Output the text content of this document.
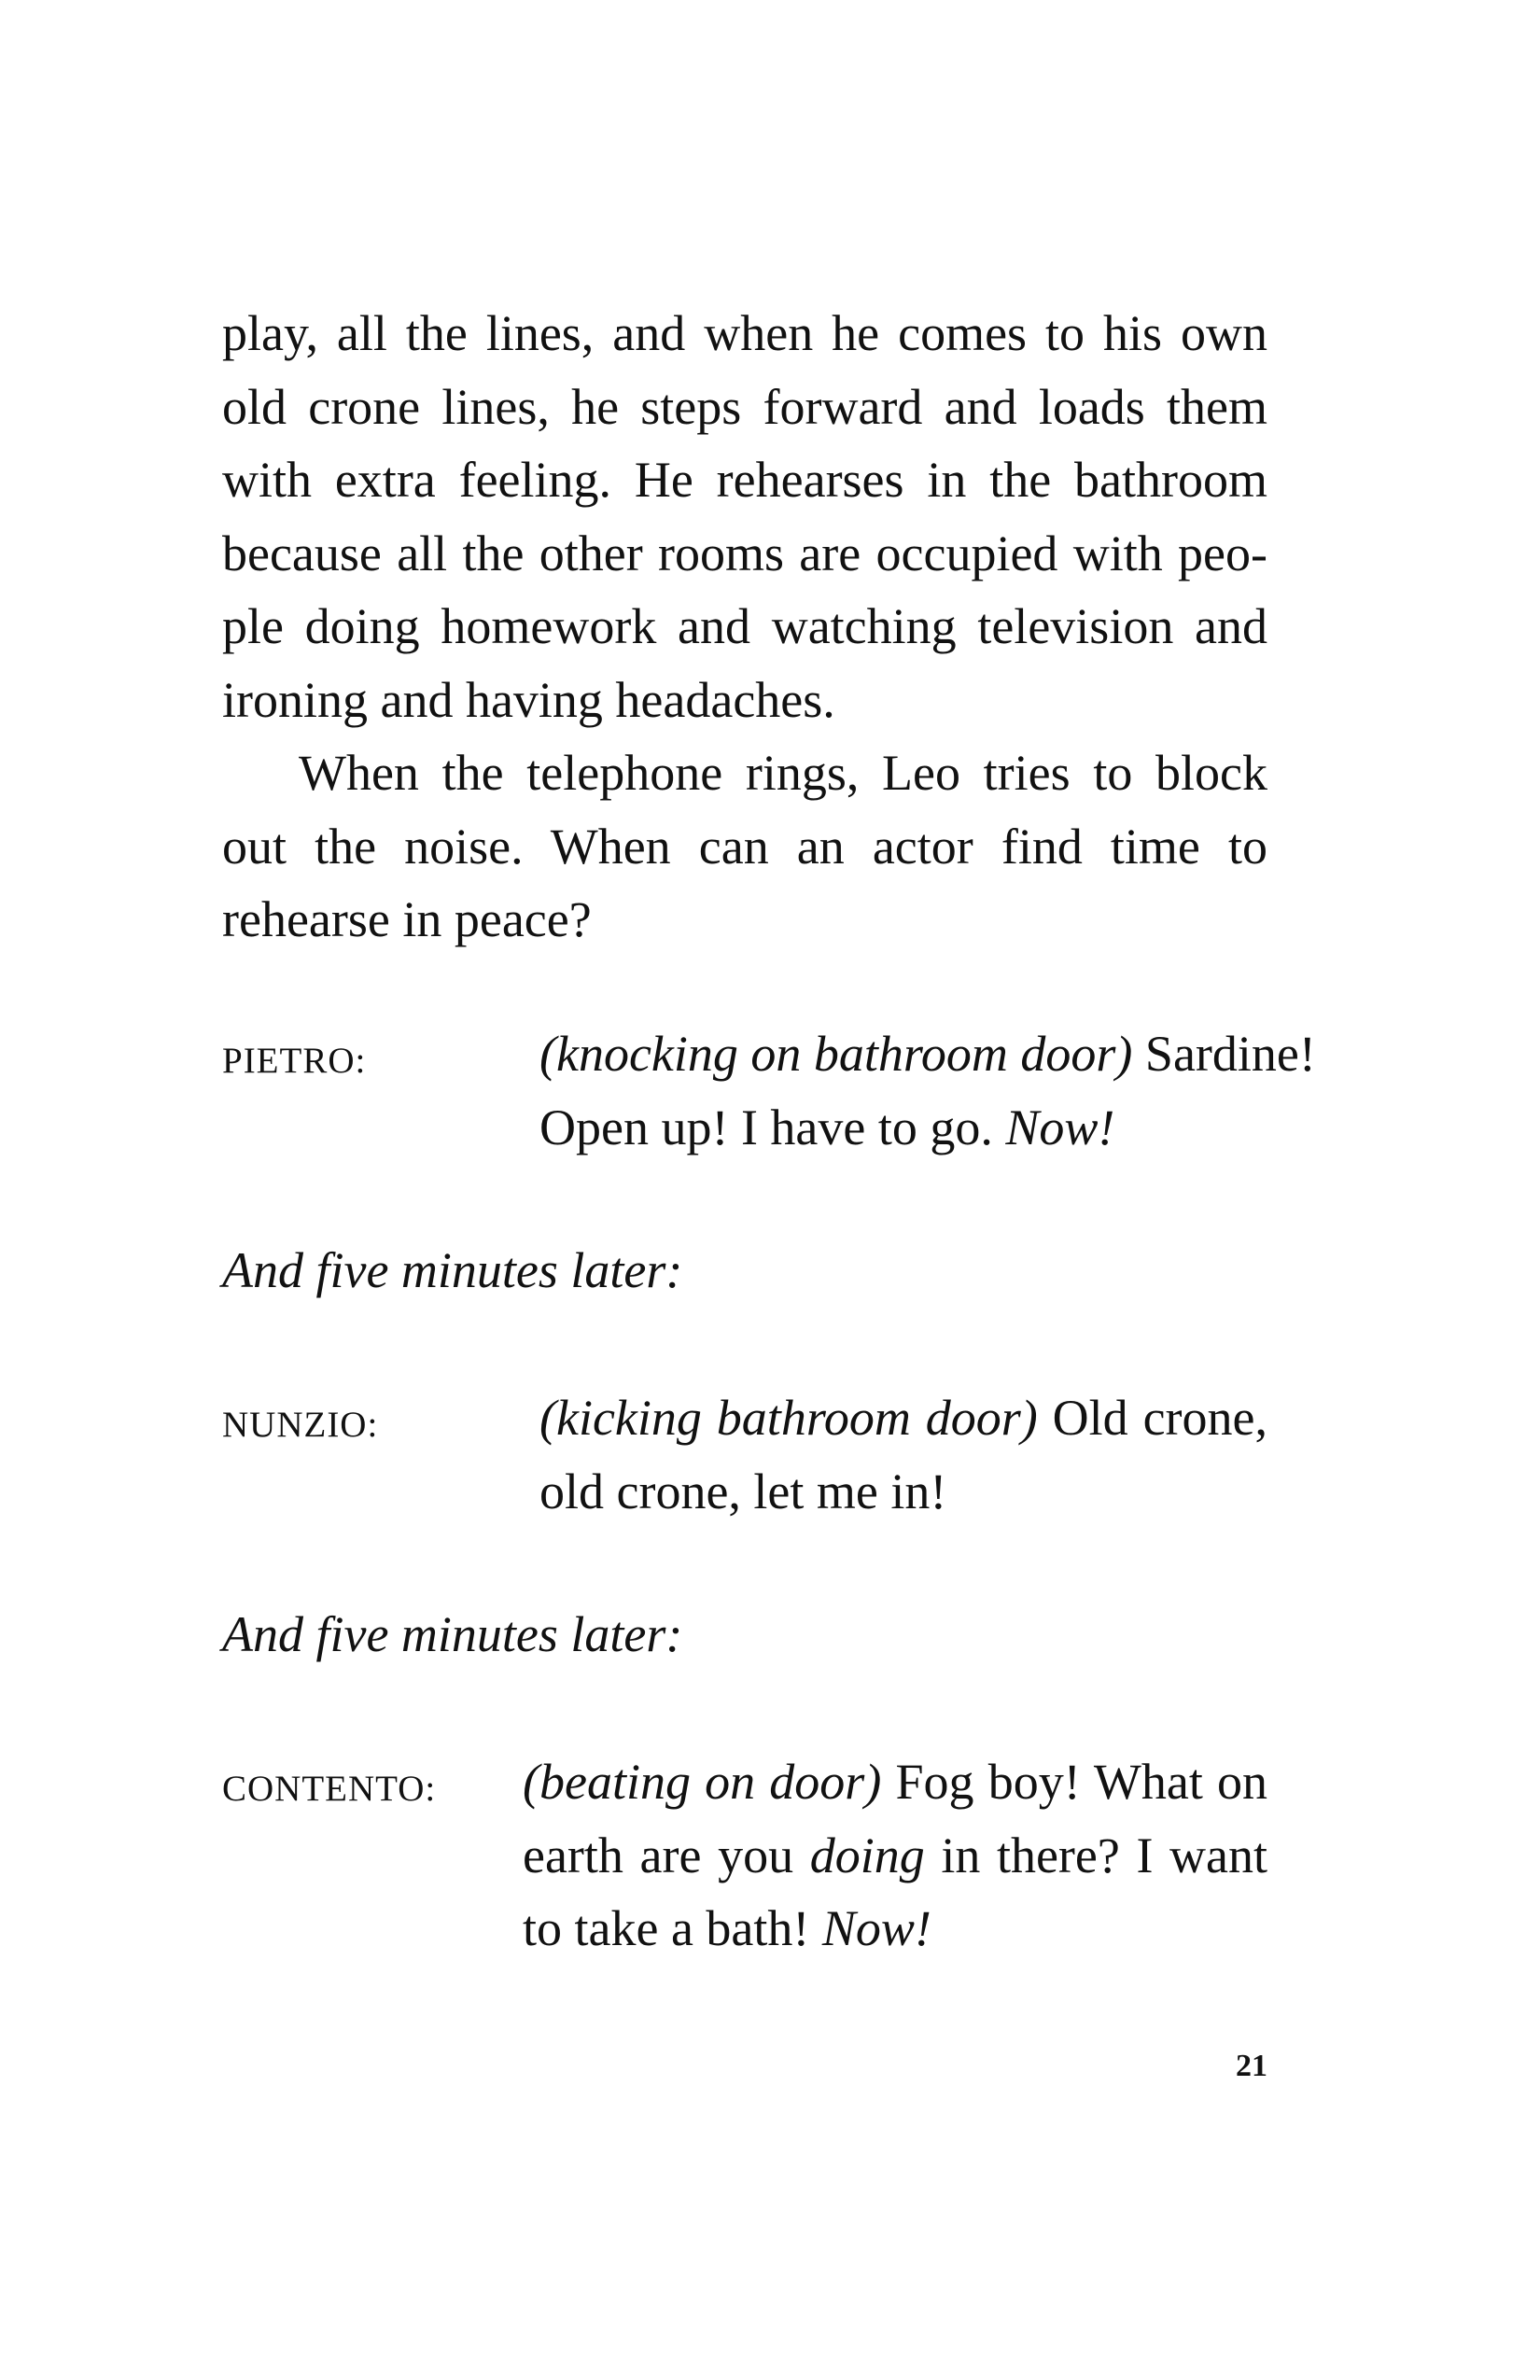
play, all the lines, and when he comes to his own
old crone lines, he steps forward and loads them
with extra feeling. He rehearses in the bathroom
because all the other rooms are occupied with peo-
ple doing homework and watching television and
ironing and having headaches.
When the telephone rings, Leo tries to block
out the noise. When can an actor find time to
rehearse in peace?
PIETRO:	(knocking on bathroom door) Sardine!
Open up! I have to go. Now!
And five minutes later:
NUNZIO:	(kicking bathroom door) Old crone,
old crone, let me in!
And five minutes later:
CONTENTO: (beating on door) Fog boy! What on
earth are you doing in there? I want
to take a bath! Now!
21
